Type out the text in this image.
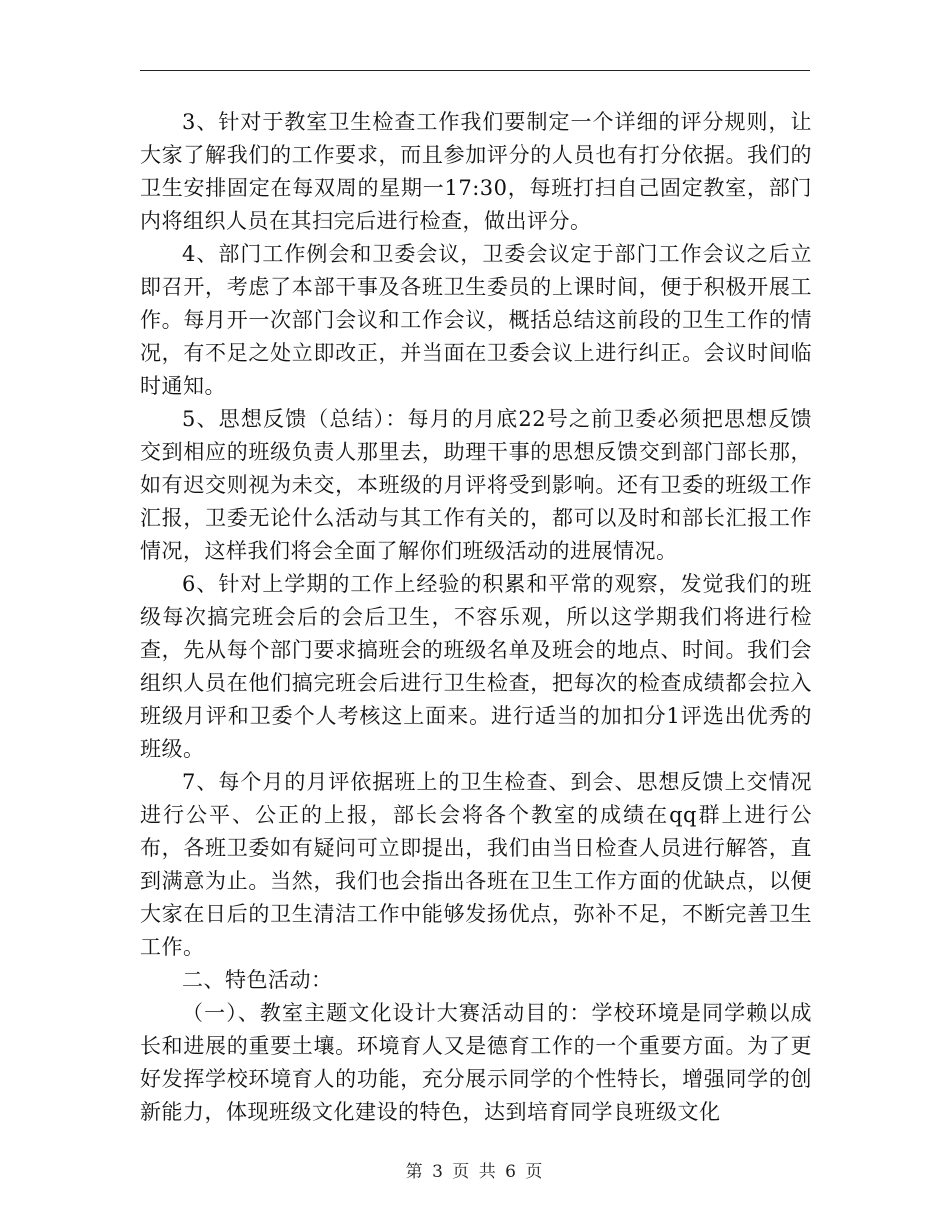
3、针对于教室卫生检查工作我们要制定一个详细的评分规则，让大家了解我们的工作要求，而且参加评分的人员也有打分依据。我们的卫生安排固定在每双周的星期一17:30，每班打扫自己固定教室，部门内将组织人员在其扫完后进行检查，做出评分。

4、部门工作例会和卫委会议，卫委会议定于部门工作会议之后立即召开，考虑了本部干事及各班卫生委员的上课时间，便于积极开展工作。每月开一次部门会议和工作会议，概括总结这前段的卫生工作的情况，有不足之处立即改正，并当面在卫委会议上进行纠正。会议时间临时通知。

5、思想反馈（总结）：每月的月底22号之前卫委必须把思想反馈交到相应的班级负责人那里去，助理干事的思想反馈交到部门部长那，如有迟交则视为未交，本班级的月评将受到影响。还有卫委的班级工作汇报，卫委无论什么活动与其工作有关的，都可以及时和部长汇报工作情况，这样我们将会全面了解你们班级活动的进展情况。

6、针对上学期的工作上经验的积累和平常的观察，发觉我们的班级每次搞完班会后的会后卫生，不容乐观，所以这学期我们将进行检查，先从每个部门要求搞班会的班级名单及班会的地点、时间。我们会组织人员在他们搞完班会后进行卫生检查，把每次的检查成绩都会拉入班级月评和卫委个人考核这上面来。进行适当的加扣分1评选出优秀的班级。

7、每个月的月评依据班上的卫生检查、到会、思想反馈上交情况进行公平、公正的上报，部长会将各个教室的成绩在qq群上进行公布，各班卫委如有疑问可立即提出，我们由当日检查人员进行解答，直到满意为止。当然，我们也会指出各班在卫生工作方面的优缺点，以便大家在日后的卫生清洁工作中能够发扬优点，弥补不足，不断完善卫生工作。

二、特色活动：

（一）、教室主题文化设计大赛活动目的：学校环境是同学赖以成长和进展的重要土壤。环境育人又是德育工作的一个重要方面。为了更好发挥学校环境育人的功能，充分展示同学的个性特长，增强同学的创新能力，体现班级文化建设的特色，达到培育同学良班级文化

第 3 页 共 6 页
